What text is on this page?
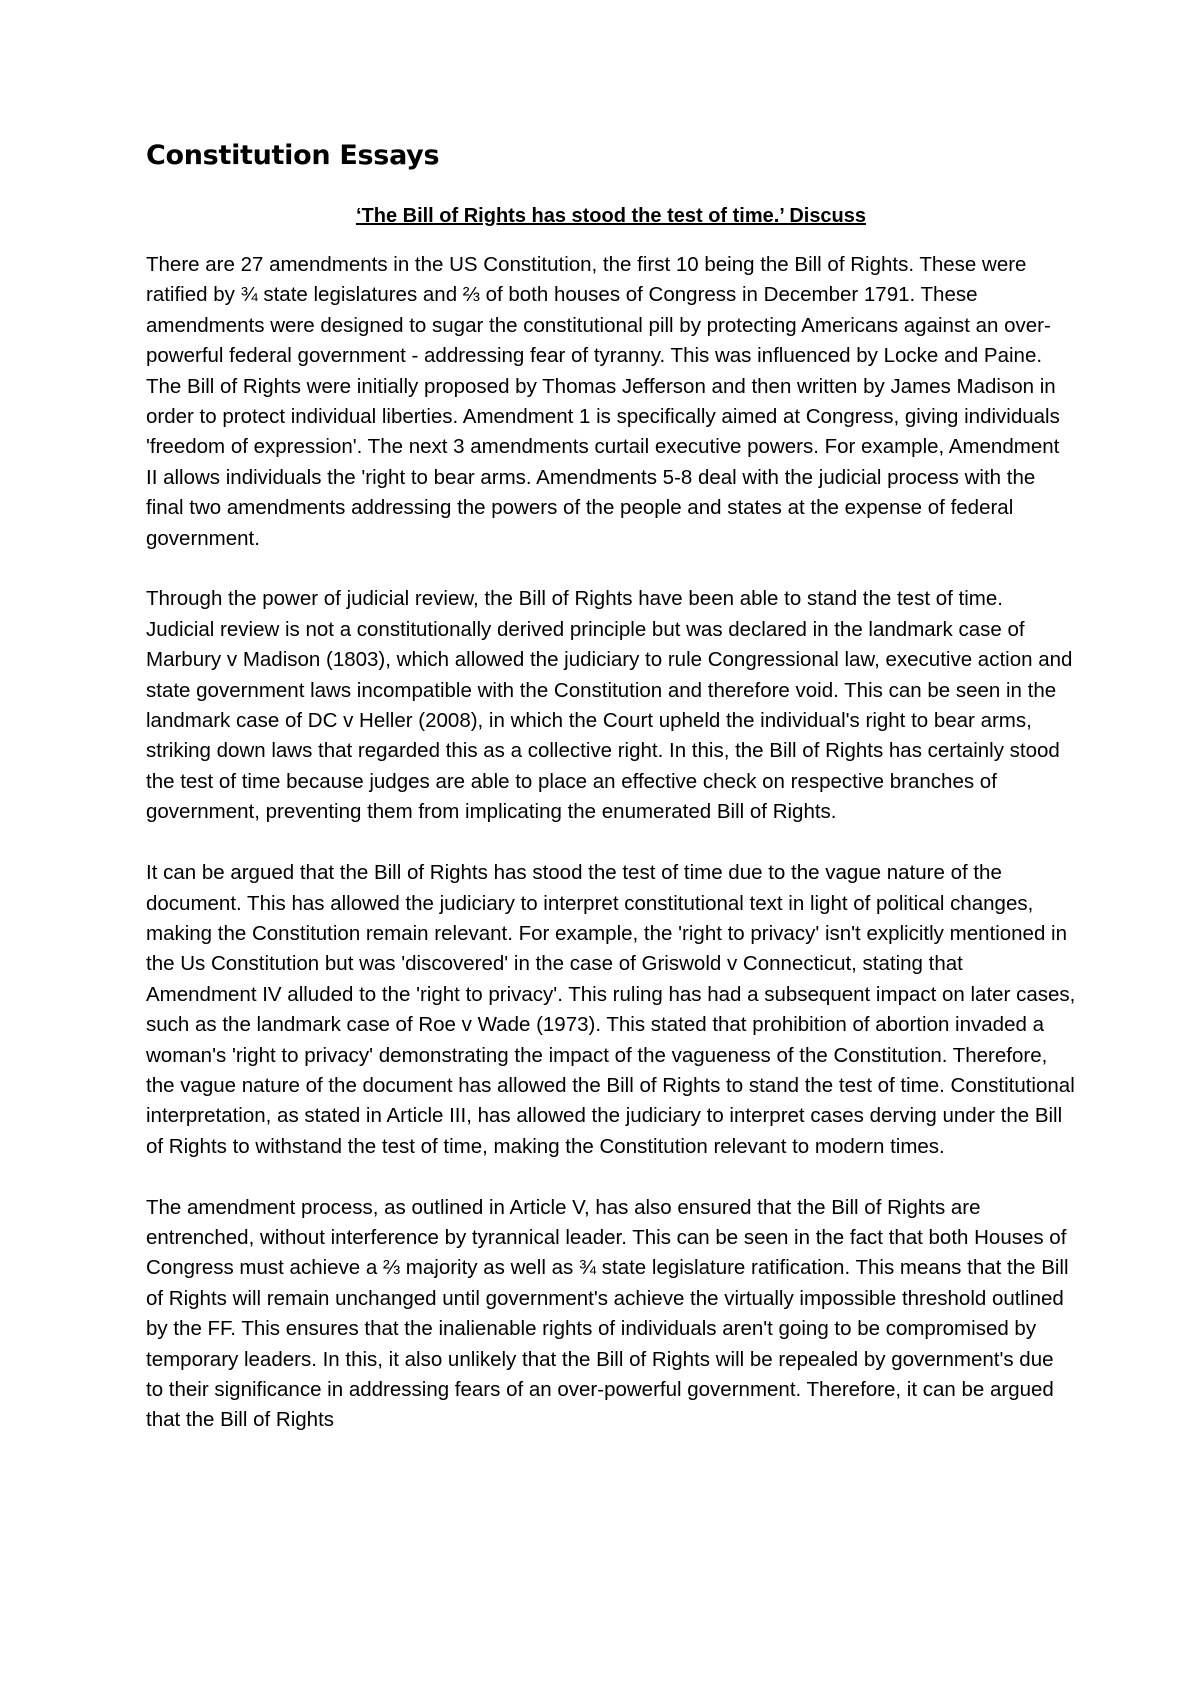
Constitution Essays
‘The Bill of Rights has stood the test of time.’ Discuss

There are 27 amendments in the US Constitution, the first 10 being the Bill of Rights. These were ratified by ¾ state legislatures and ⅔ of both houses of Congress in December 1791. These amendments were designed to sugar the constitutional pill by protecting Americans against an over-powerful federal government - addressing fear of tyranny. This was influenced by Locke and Paine. The Bill of Rights were initially proposed by Thomas Jefferson and then written by James Madison in order to protect individual liberties. Amendment 1 is specifically aimed at Congress, giving individuals 'freedom of expression'. The next 3 amendments curtail executive powers. For example, Amendment II allows individuals the 'right to bear arms. Amendments 5-8 deal with the judicial process with the final two amendments addressing the powers of the people and states at the expense of federal government.

Through the power of judicial review, the Bill of Rights have been able to stand the test of time. Judicial review is not a constitutionally derived principle but was declared in the landmark case of Marbury v Madison (1803), which allowed the judiciary to rule Congressional law, executive action and state government laws incompatible with the Constitution and therefore void. This can be seen in the landmark case of DC v Heller (2008), in which the Court upheld the individual's right to bear arms, striking down laws that regarded this as a collective right. In this, the Bill of Rights has certainly stood the test of time because judges are able to place an effective check on respective branches of government, preventing them from implicating the enumerated Bill of Rights.

It can be argued that the Bill of Rights has stood the test of time due to the vague nature of the document. This has allowed the judiciary to interpret constitutional text in light of political changes, making the Constitution remain relevant. For example, the 'right to privacy' isn't explicitly mentioned in the Us Constitution but was 'discovered' in the case of Griswold v Connecticut, stating that Amendment IV alluded to the 'right to privacy'. This ruling has had a subsequent impact on later cases, such as the landmark case of Roe v Wade (1973). This stated that prohibition of abortion invaded a woman's 'right to privacy' demonstrating the impact of the vagueness of the Constitution. Therefore, the vague nature of the document has allowed the Bill of Rights to stand the test of time. Constitutional interpretation, as stated in Article III, has allowed the judiciary to interpret cases derving under the Bill of Rights to withstand the test of time, making the Constitution relevant to modern times.

The amendment process, as outlined in Article V, has also ensured that the Bill of Rights are entrenched, without interference by tyrannical leader. This can be seen in the fact that both Houses of Congress must achieve a ⅔ majority as well as ¾ state legislature ratification. This means that the Bill of Rights will remain unchanged until government's achieve the virtually impossible threshold outlined by the FF. This ensures that the inalienable rights of individuals aren't going to be compromised by temporary leaders. In this, it also unlikely that the Bill of Rights will be repealed by government's due to their significance in addressing fears of an over-powerful government. Therefore, it can be argued that the Bill of Rights
